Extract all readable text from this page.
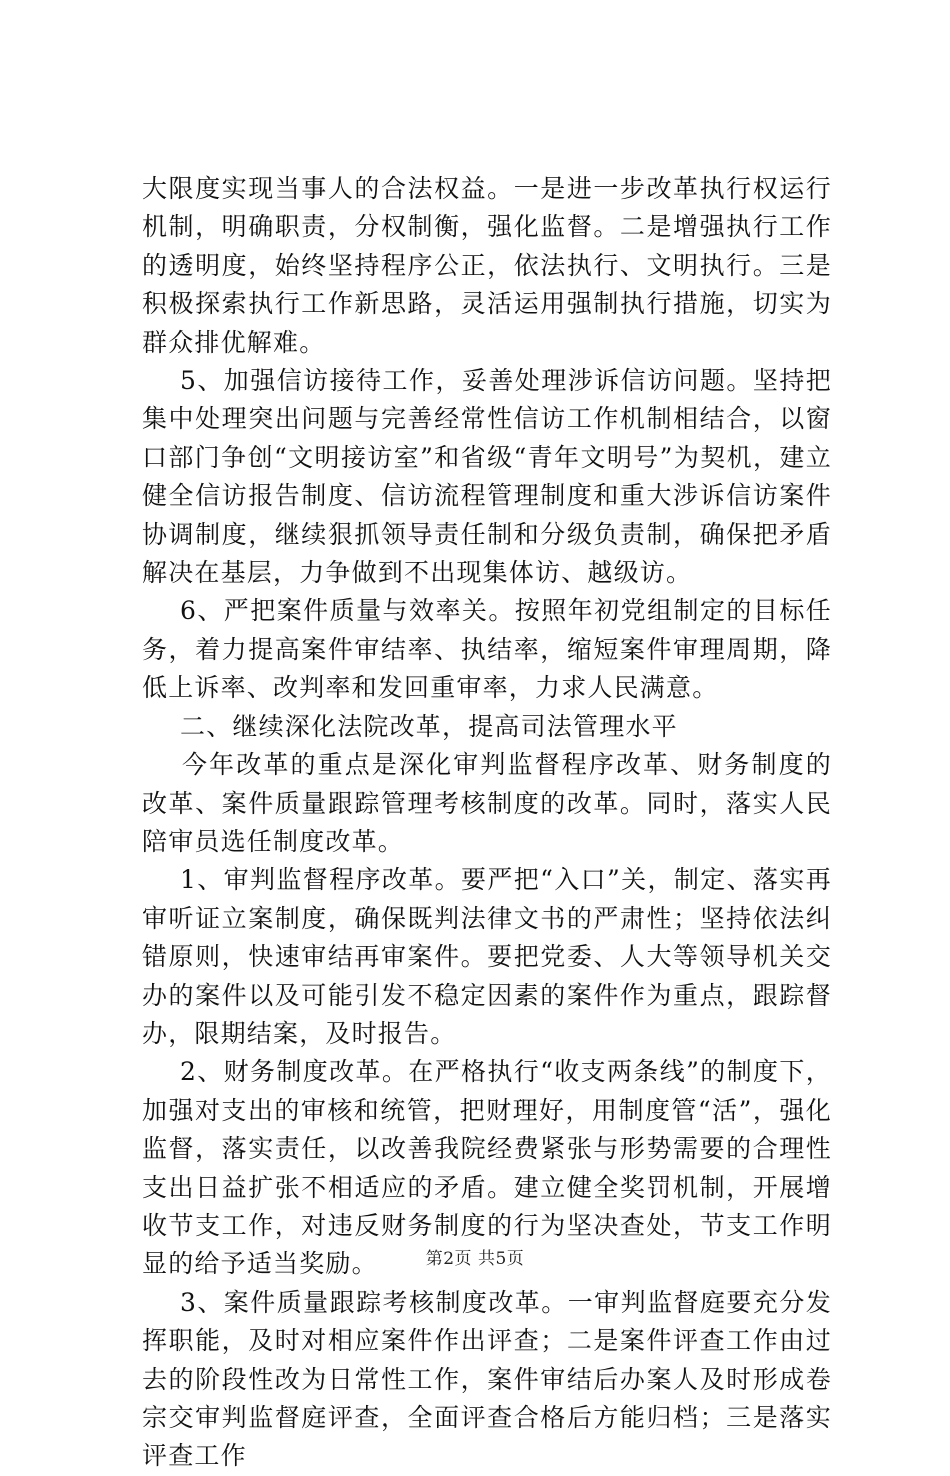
大限度实现当事人的合法权益。一是进一步改革执行权运行机制，明确职责，分权制衡，强化监督。二是增强执行工作的透明度，始终坚持程序公正，依法执行、文明执行。三是积极探索执行工作新思路，灵活运用强制执行措施，切实为群众排优解难。

5、加强信访接待工作，妥善处理涉诉信访问题。坚持把集中处理突出问题与完善经常性信访工作机制相结合，以窗口部门争创“文明接访室”和省级“青年文明号”为契机，建立健全信访报告制度、信访流程管理制度和重大涉诉信访案件协调制度，继续狠抓领导责任制和分级负责制，确保把矛盾解决在基层，力争做到不出现集体访、越级访。

6、严把案件质量与效率关。按照年初党组制定的目标任务，着力提高案件审结率、执结率，缩短案件审理周期，降低上诉率、改判率和发回重审率，力求人民满意。

二、继续深化法院改革，提高司法管理水平

今年改革的重点是深化审判监督程序改革、财务制度的改革、案件质量跟踪管理考核制度的改革。同时，落实人民陪审员选任制度改革。

1、审判监督程序改革。要严把“入口”关，制定、落实再审听证立案制度，确保既判法律文书的严肃性；坚持依法纠错原则，快速审结再审案件。要把党委、人大等领导机关交办的案件以及可能引发不稳定因素的案件作为重点，跟踪督办，限期结案，及时报告。

2、财务制度改革。在严格执行“收支两条线”的制度下，加强对支出的审核和统管，把财理好，用制度管“活”，强化监督，落实责任，以改善我院经费紧张与形势需要的合理性支出日益扩张不相适应的矛盾。建立健全奖罚机制，开展增收节支工作，对违反财务制度的行为坚决查处，节支工作明显的给予适当奖励。

3、案件质量跟踪考核制度改革。一审判监督庭要充分发挥职能，及时对相应案件作出评查；二是案件评查工作由过去的阶段性改为日常性工作，案件审结后办案人及时形成卷宗交审判监督庭评查，全面评查合格后方能归档；三是落实评查工作

第2页 共5页
